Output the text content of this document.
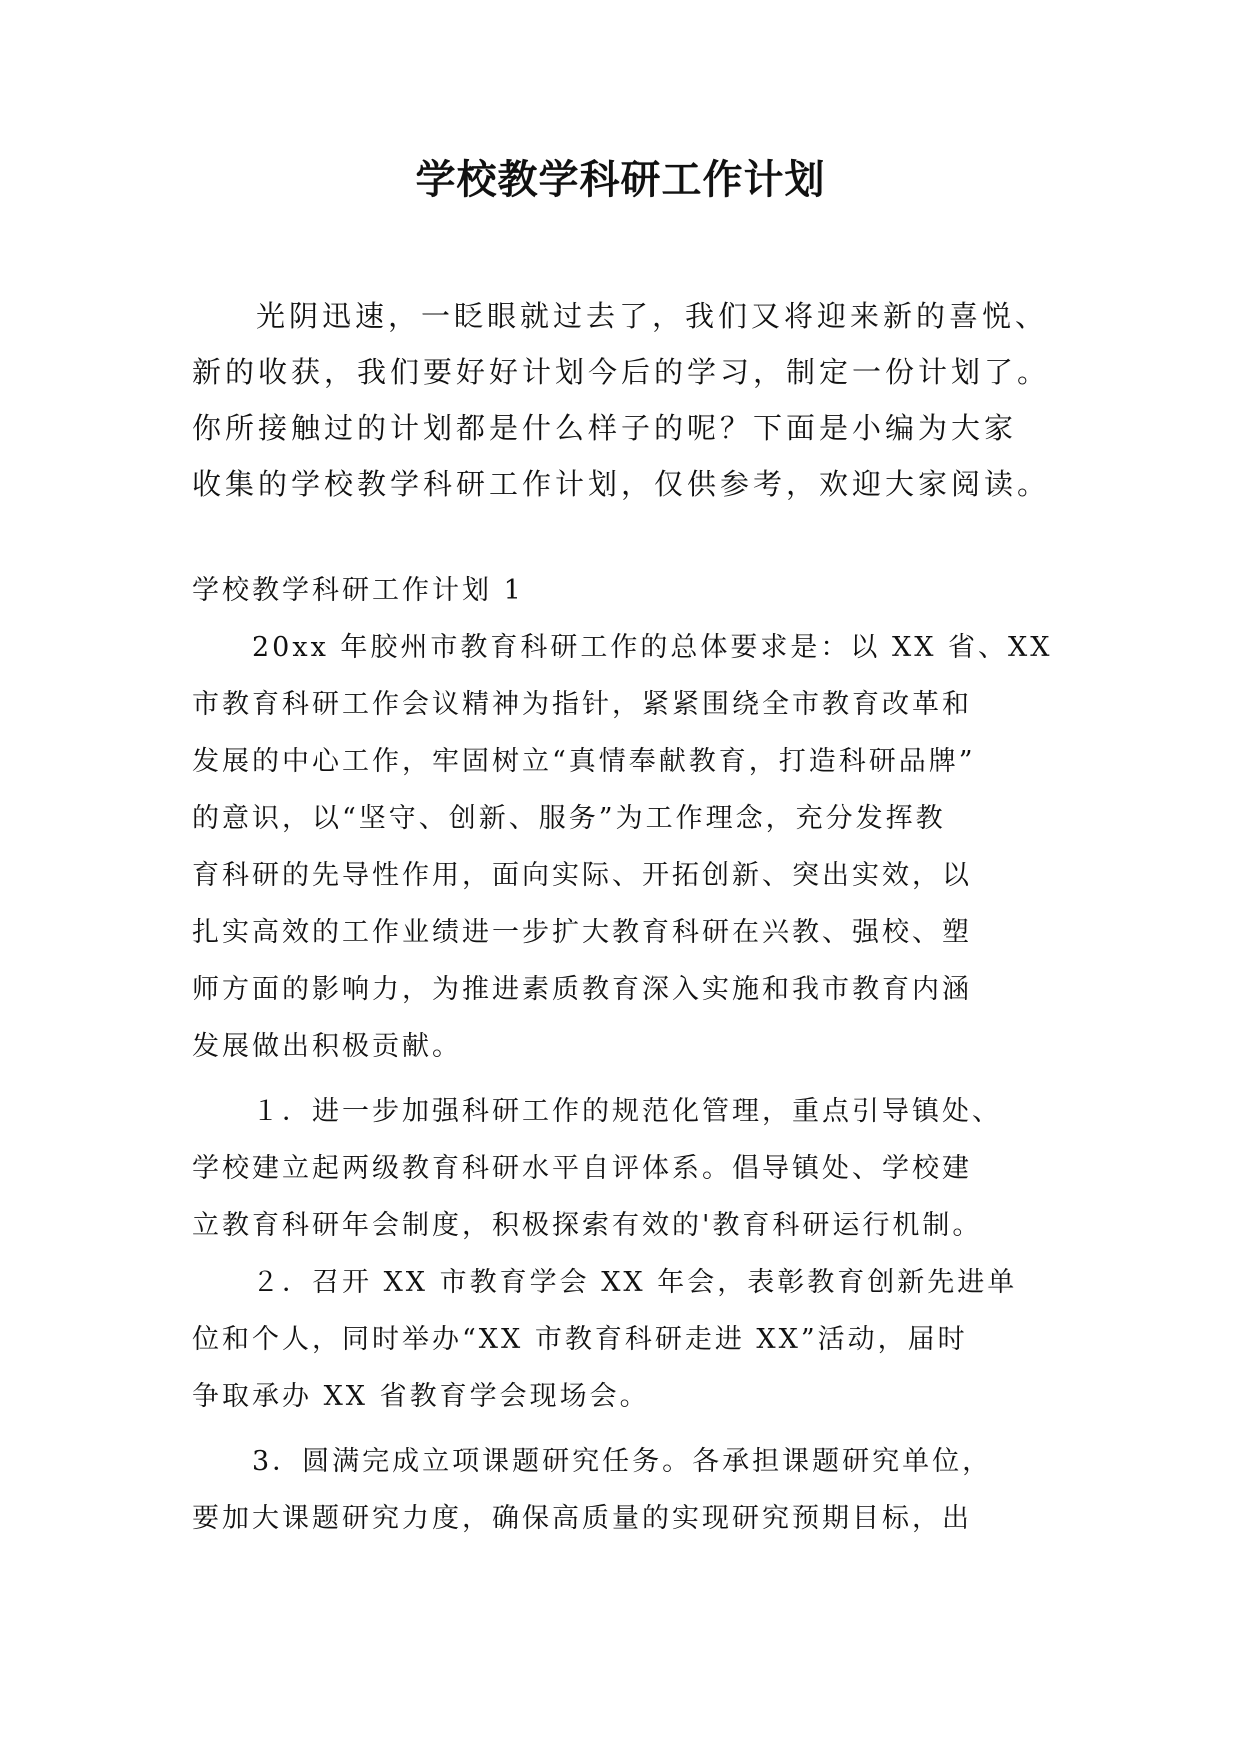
学校教学科研工作计划
光阴迅速，一眨眼就过去了，我们又将迎来新的喜悦、
新的收获，我们要好好计划今后的学习，制定一份计划了。
你所接触过的计划都是什么样子的呢？下面是小编为大家
收集的学校教学科研工作计划，仅供参考，欢迎大家阅读。
学校教学科研工作计划 1
20xx 年胶州市教育科研工作的总体要求是：以 XX 省、XX
市教育科研工作会议精神为指针，紧紧围绕全市教育改革和
发展的中心工作，牢固树立“真情奉献教育，打造科研品牌”
的意识，以“坚守、创新、服务”为工作理念，充分发挥教
育科研的先导性作用，面向实际、开拓创新、突出实效，以
扎实高效的工作业绩进一步扩大教育科研在兴教、强校、塑
师方面的影响力，为推进素质教育深入实施和我市教育内涵
发展做出积极贡献。
１．进一步加强科研工作的规范化管理，重点引导镇处、
学校建立起两级教育科研水平自评体系。倡导镇处、学校建
立教育科研年会制度，积极探索有效的'教育科研运行机制。
２．召开 XX 市教育学会 XX 年会，表彰教育创新先进单
位和个人，同时举办“XX 市教育科研走进 XX”活动，届时
争取承办 XX 省教育学会现场会。
3．圆满完成立项课题研究任务。各承担课题研究单位，
要加大课题研究力度，确保高质量的实现研究预期目标，出
